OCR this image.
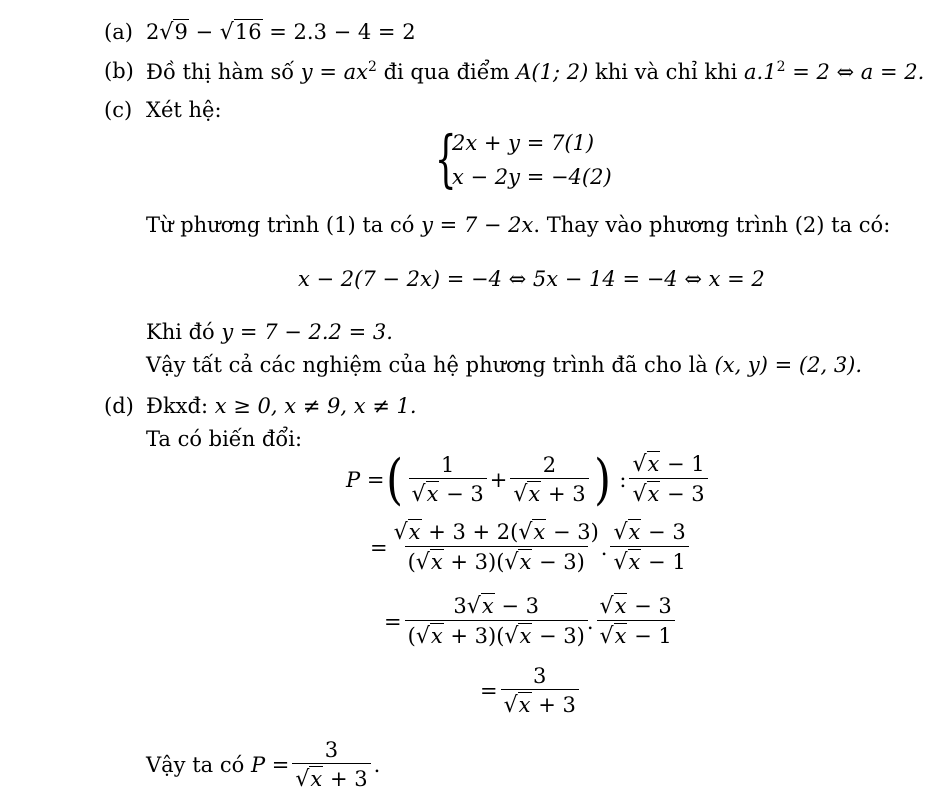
(a) 2√9 − √16 = 2.3 − 4 = 2
(b) Đồ thị hàm số $y = ax^2$ đi qua điểm A(1; 2) khi và chỉ khi $a.1^2 = 2$ ⇔ a = 2.
(c) Xét hệ:
{
2x + y = 7(1)
x − 2y = −4(2)
Từ phương trình (1) ta có y = 7 − 2x. Thay vào phương trình (2) ta có:
x − 2(7 − 2x) = −4 ⇔ 5x − 14 = −4 ⇔ x = 2
Khi đó y = 7 − 2.2 = 3.
Vậy tất cả các nghiệm của hệ phương trình đã cho là (x, y) = (2, 3).
(d) Đkxđ: x ≥ 0, x ≠ 9, x ≠ 1.
Ta có biến đổi:
P
= ( 1
√x − 3
+ $\frac{2}{√x + 3}$ )
:
√x − 1
√x − 3
= $\frac{√x + 3 + 2(√x - 3)}{(√x + 3)(√x - 3)}$ .
√x − 3
√x − 1
= $\frac{3√x - 3}{(√x + 3)(√x - 3)}$ .
√x − 3
√x − 1
= $\frac{3}{√x + 3}$
Vậy ta có
$P = \frac{3}{√x + 3}$ .
